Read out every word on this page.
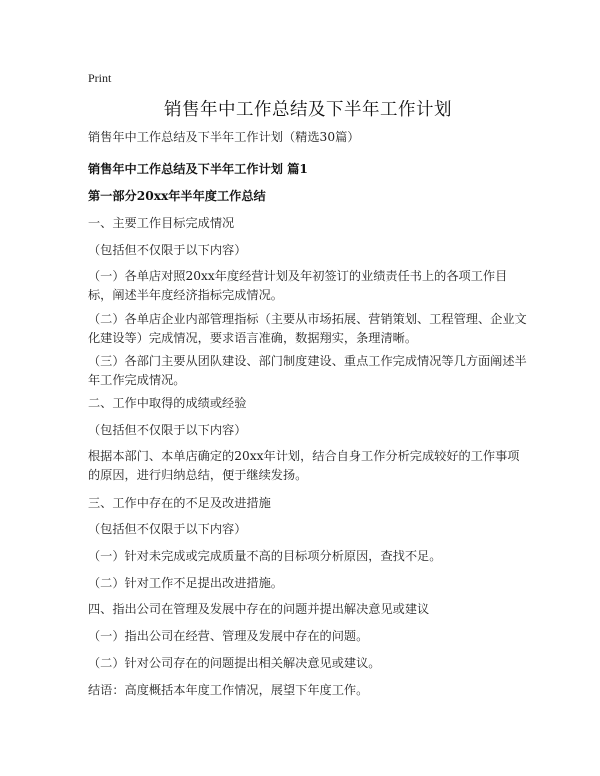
Print
销售年中工作总结及下半年工作计划

销售年中工作总结及下半年工作计划（精选30篇）

销售年中工作总结及下半年工作计划 篇1

第一部分20xx年半年度工作总结

一、主要工作目标完成情况

（包括但不仅限于以下内容）

（一）各单店对照20xx年度经营计划及年初签订的业绩责任书上的各项工作目标，阐述半年度经济指标完成情况。

（二）各单店企业内部管理指标（主要从市场拓展、营销策划、工程管理、企业文化建设等）完成情况，要求语言准确，数据翔实，条理清晰。

（三）各部门主要从团队建设、部门制度建设、重点工作完成情况等几方面阐述半年工作完成情况。

二、工作中取得的成绩或经验

（包括但不仅限于以下内容）

根据本部门、本单店确定的20xx年计划，结合自身工作分析完成较好的工作事项的原因，进行归纳总结，便于继续发扬。

三、工作中存在的不足及改进措施

（包括但不仅限于以下内容）

（一）针对未完成或完成质量不高的目标项分析原因，查找不足。

（二）针对工作不足提出改进措施。

四、指出公司在管理及发展中存在的问题并提出解决意见或建议

（一）指出公司在经营、管理及发展中存在的问题。

（二）针对公司存在的问题提出相关解决意见或建议。

结语：高度概括本年度工作情况，展望下年度工作。
